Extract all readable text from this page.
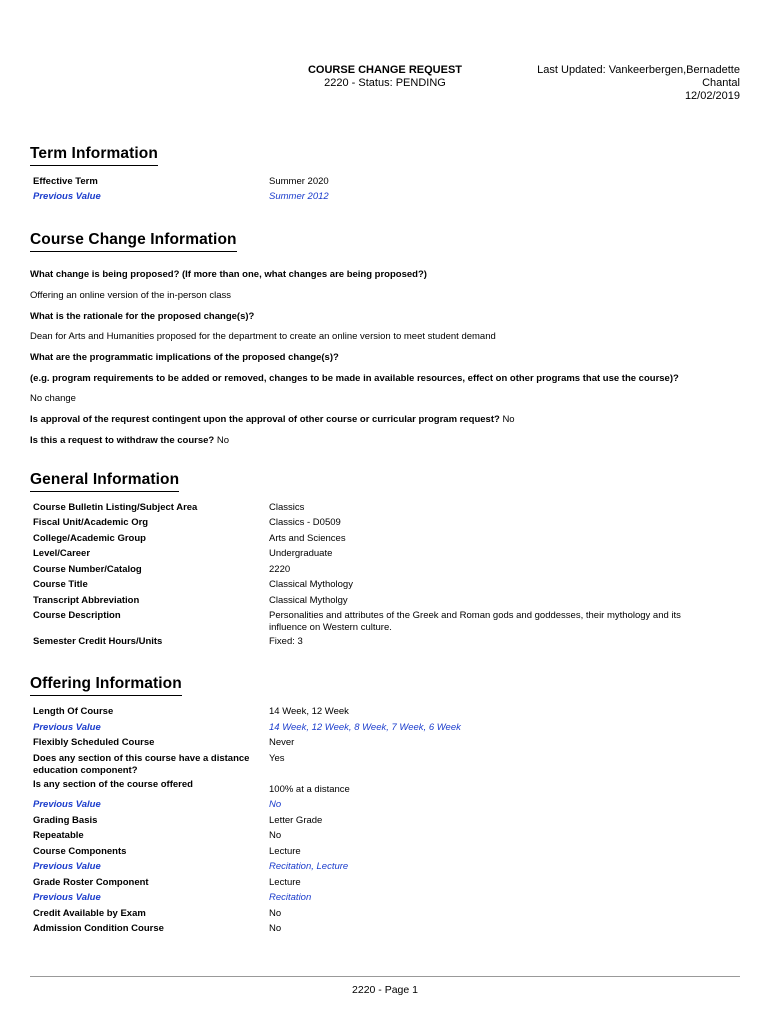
COURSE CHANGE REQUEST
2220 - Status: PENDING
Last Updated: Vankeerbergen,Bernadette
Chantal
12/02/2019
Term Information
Effective Term	Summer 2020
Previous Value	Summer 2012
Course Change Information
What change is being proposed? (If more than one, what changes are being proposed?)
Offering an online version of the in-person class
What is the rationale for the proposed change(s)?
Dean for Arts and Humanities proposed for the department to create an online version to meet student demand
What are the programmatic implications of the proposed change(s)?
(e.g. program requirements to be added or removed, changes to be made in available resources, effect on other programs that use the course)?
No change
Is approval of the requrest contingent upon the approval of other course or curricular program request? No
Is this a request to withdraw the course? No
General Information
Course Bulletin Listing/Subject Area	Classics
Fiscal Unit/Academic Org	Classics - D0509
College/Academic Group	Arts and Sciences
Level/Career	Undergraduate
Course Number/Catalog	2220
Course Title	Classical Mythology
Transcript Abbreviation	Classical Mytholgy
Course Description	Personalities and attributes of the Greek and Roman gods and goddesses, their mythology and its influence on Western culture.
Semester Credit Hours/Units	Fixed: 3
Offering Information
Length Of Course	14 Week, 12 Week
Previous Value	14 Week, 12 Week, 8 Week, 7 Week, 6 Week
Flexibly Scheduled Course	Never
Does any section of this course have a distance education component?
Yes
Is any section of the course offered	100% at a distance
Previous Value	No
Grading Basis	Letter Grade
Repeatable	No
Course Components	Lecture
Previous Value	Recitation, Lecture
Grade Roster Component	Lecture
Previous Value	Recitation
Credit Available by Exam	No
Admission Condition Course	No
2220 - Page 1
